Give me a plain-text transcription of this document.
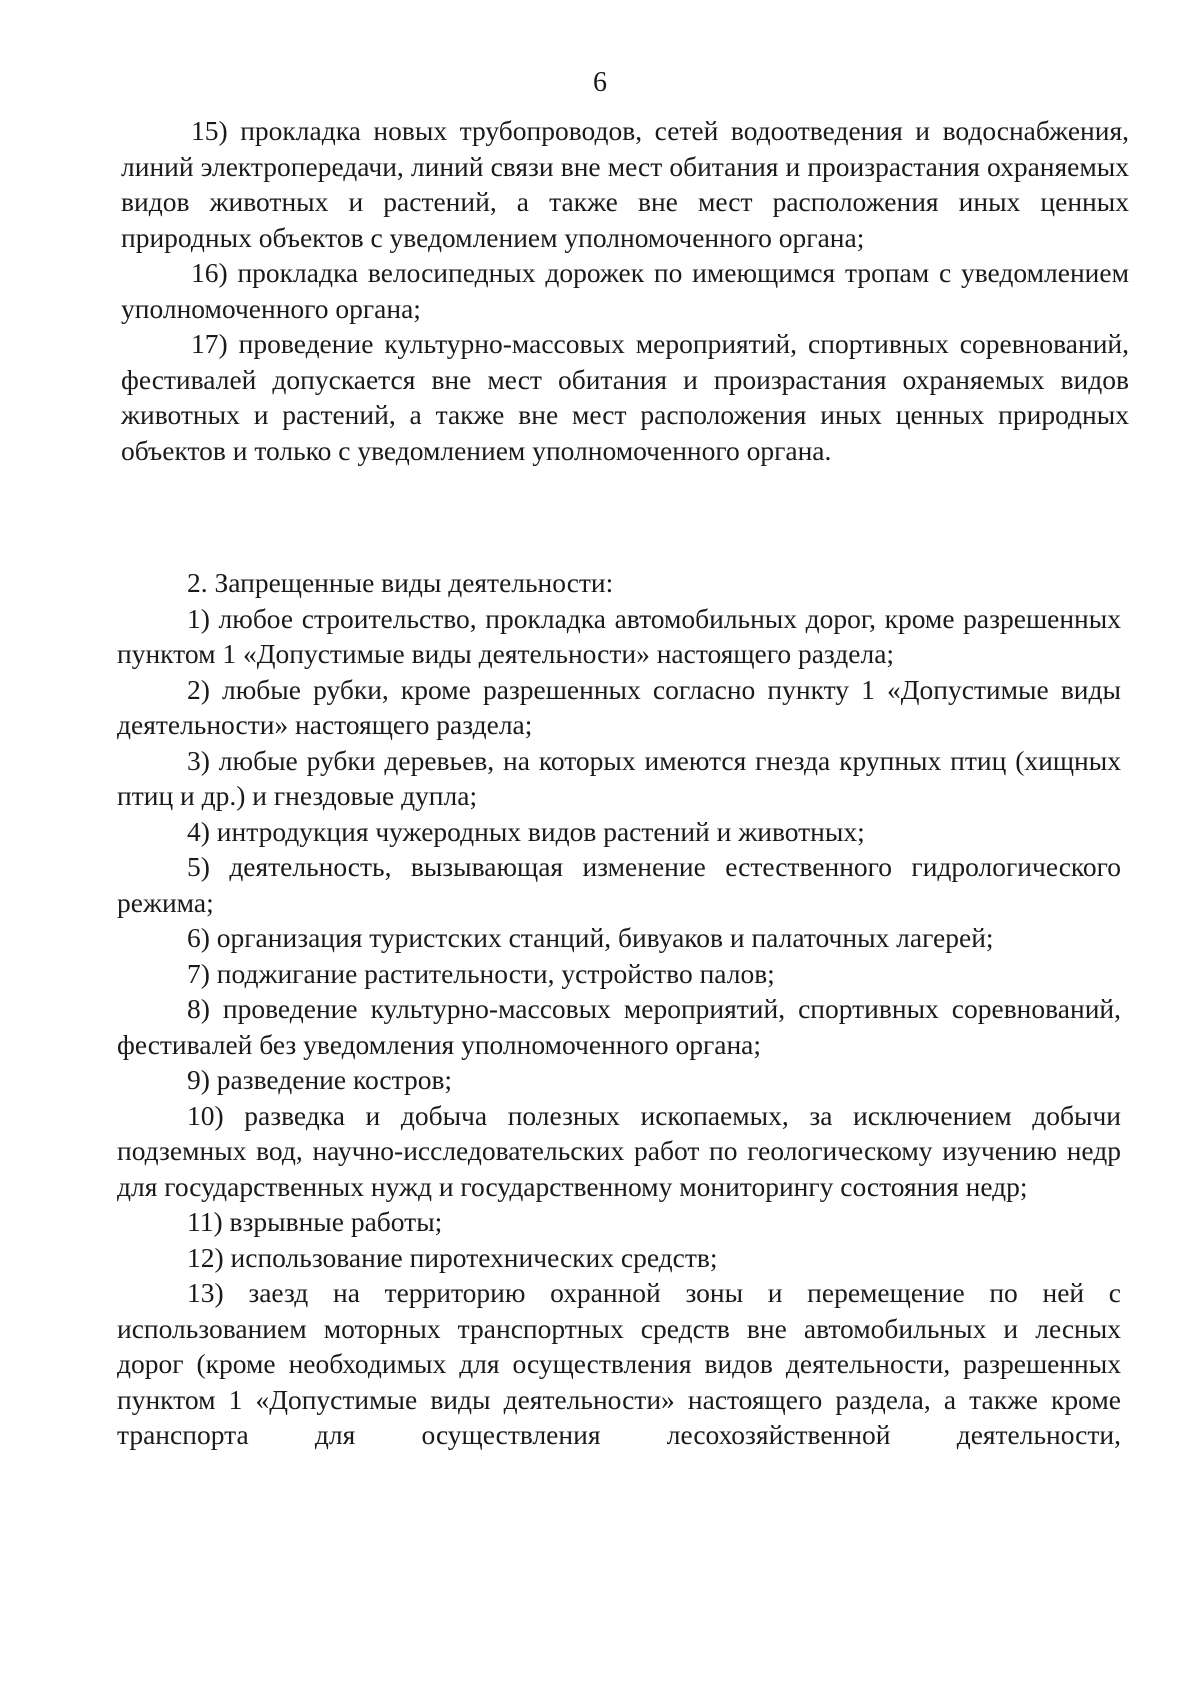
6

15) прокладка новых трубопроводов, сетей водоотведения и водоснабжения, линий электропередачи, линий связи вне мест обитания и произрастания охраняемых видов животных и растений, а также вне мест расположения иных ценных природных объектов с уведомлением уполномоченного органа;

16) прокладка велосипедных дорожек по имеющимся тропам с уведомлением уполномоченного органа;

17) проведение культурно-массовых мероприятий, спортивных соревнований, фестивалей допускается вне мест обитания и произрастания охраняемых видов животных и растений, а также вне мест расположения иных ценных природных объектов и только с уведомлением уполномоченного органа.

2. Запрещенные виды деятельности:

1) любое строительство, прокладка автомобильных дорог, кроме разрешенных пунктом 1 «Допустимые виды деятельности» настоящего раздела;

2) любые рубки, кроме разрешенных согласно пункту 1 «Допустимые виды деятельности» настоящего раздела;

3) любые рубки деревьев, на которых имеются гнезда крупных птиц (хищных птиц и др.) и гнездовые дупла;

4) интродукция чужеродных видов растений и животных;

5) деятельность, вызывающая изменение естественного гидрологического режима;

6) организация туристских станций, бивуаков и палаточных лагерей;

7) поджигание растительности, устройство палов;

8) проведение культурно-массовых мероприятий, спортивных соревнований, фестивалей без уведомления уполномоченного органа;

9) разведение костров;

10) разведка и добыча полезных ископаемых, за исключением добычи подземных вод, научно-исследовательских работ по геологическому изучению недр для государственных нужд и государственному мониторингу состояния недр;

11) взрывные работы;

12) использование пиротехнических средств;

13) заезд на территорию охранной зоны и перемещение по ней с использованием моторных транспортных средств вне автомобильных и лесных дорог (кроме необходимых для осуществления видов деятельности, разрешенных пунктом 1 «Допустимые виды деятельности» настоящего раздела, а также кроме транспорта для осуществления лесохозяйственной деятельности,
